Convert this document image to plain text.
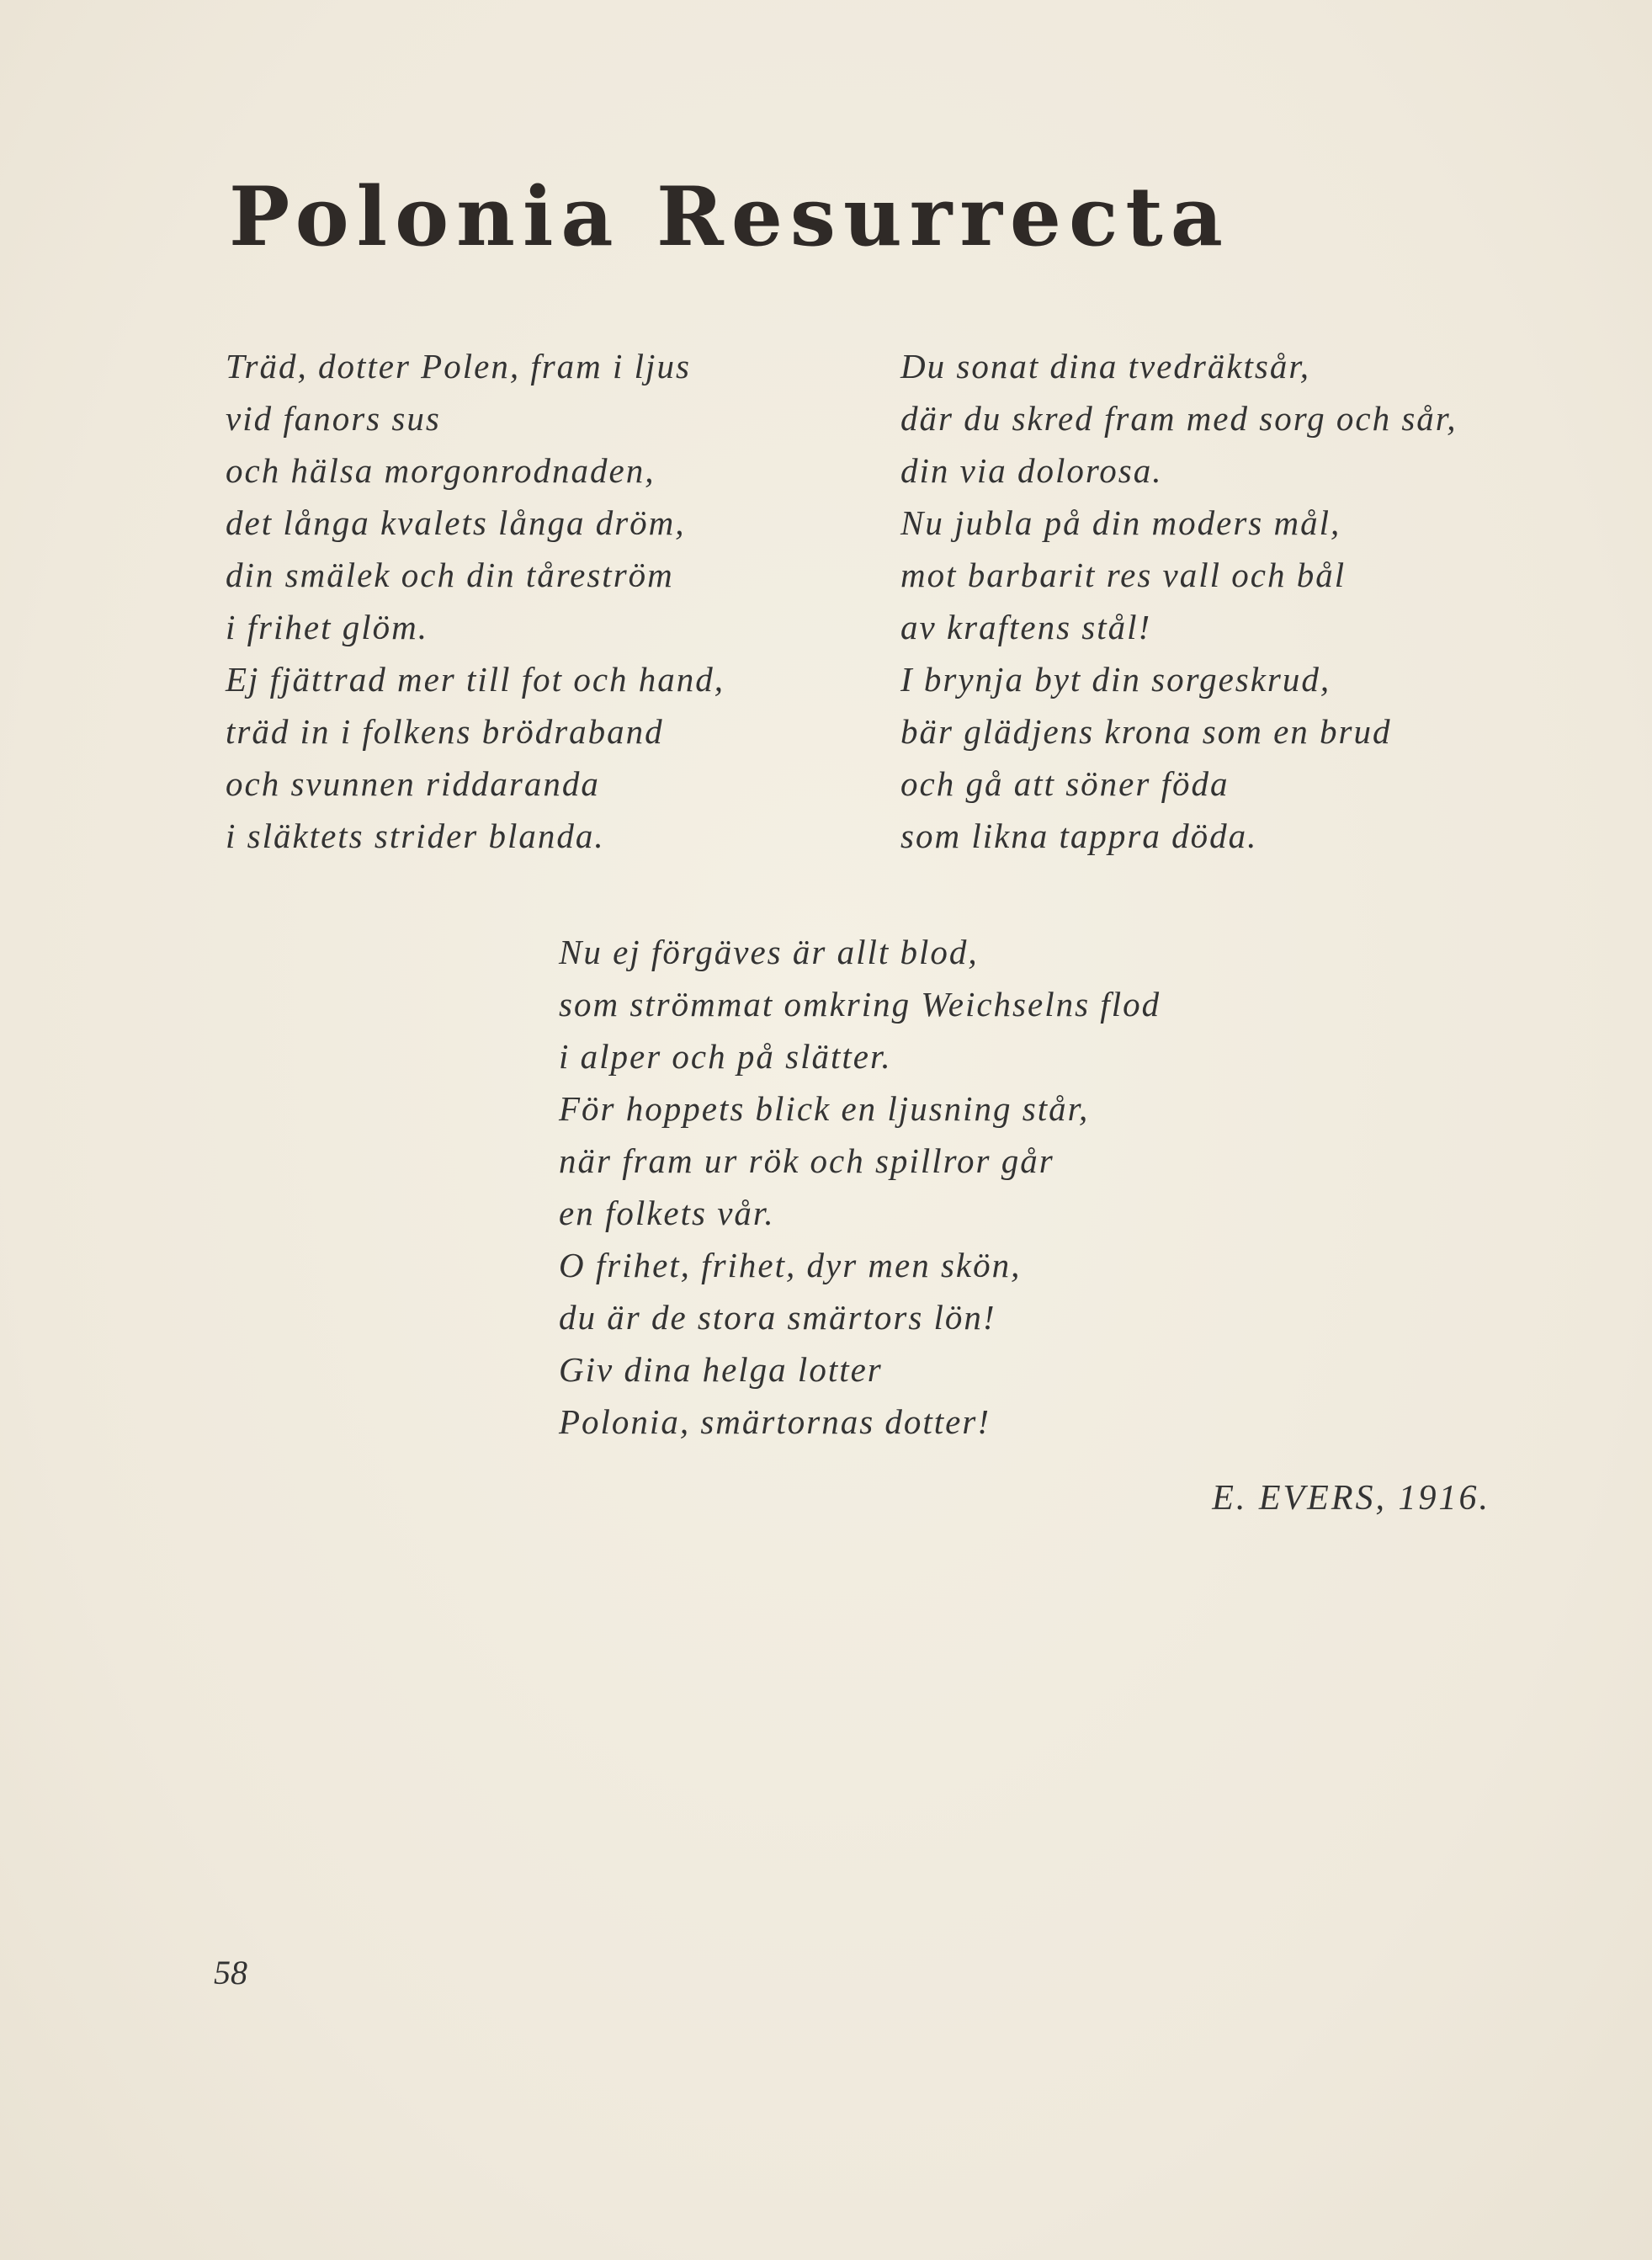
Polonia Resurrecta
Träd, dotter Polen, fram i ljus
vid fanors sus
och hälsa morgonrodnaden,
det långa kvalets långa dröm,
din smälek och din tåreström
i frihet glöm.
Ej fjättrad mer till fot och hand,
träd in i folkens brödraband
och svunnen riddaranda
i släktets strider blanda.
Du sonat dina tvedräktsår,
där du skred fram med sorg och sår,
din via dolorosa.
Nu jubla på din moders mål,
mot barbarit res vall och bål
av kraftens stål!
I brynja byt din sorgeskrud,
bär glädjens krona som en brud
och gå att söner föda
som likna tappra döda.
Nu ej förgäves är allt blod,
som strömmat omkring Weichselns flod
i alper och på slätter.
För hoppets blick en ljusning står,
när fram ur rök och spillror går
en folkets vår.
O frihet, frihet, dyr men skön,
du är de stora smärtors lön!
Giv dina helga lotter
Polonia, smärtornas dotter!
E. EVERS, 1916.
58
